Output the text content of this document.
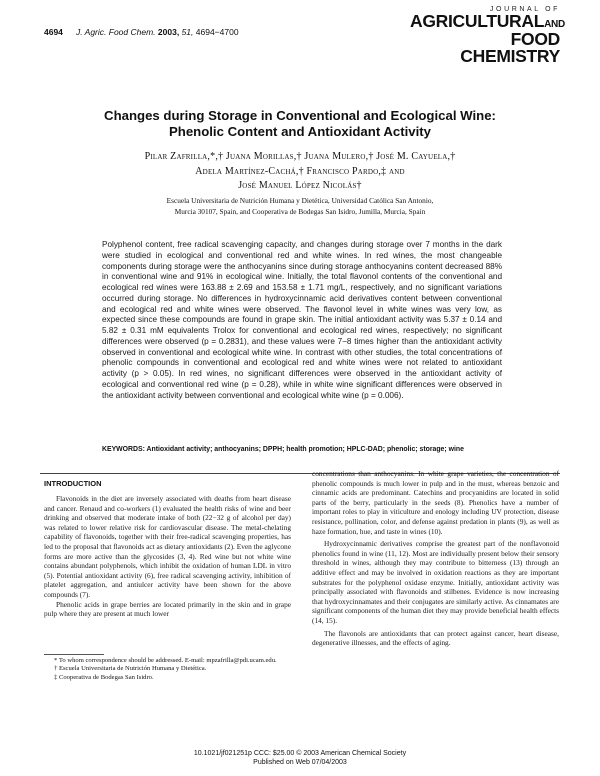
4694 J. Agric. Food Chem. 2003, 51, 4694−4700
JOURNAL OF
AGRICULTURALAND
FOOD CHEMISTRY
Changes during Storage in Conventional and Ecological Wine:
Phenolic Content and Antioxidant Activity
Pilar Zafrilla,*,† Juana Morillas,† Juana Mulero,† José M. Cayuela,†
Adela Martínez-Cachá,† Francisco Pardo,‡ and
José Manuel López Nicolás†
Escuela Universitaria de Nutrición Humana y Dietética, Universidad Católica San Antonio,
Murcia 30107, Spain, and Cooperativa de Bodegas San Isidro, Jumilla, Murcia, Spain
Polyphenol content, free radical scavenging capacity, and changes during storage over 7 months in the dark were studied in ecological and conventional red and white wines. In red wines, the most changeable components during storage were the anthocyanins since during storage anthocyanins content decreased 88% in conventional wine and 91% in ecological wine. Initially, the total flavonol contents of the conventional and ecological red wines were 163.88 ± 2.69 and 153.58 ± 1.71 mg/L, respectively, and no significant variations occurred during storage. No differences in hydroxycinnamic acid derivatives content between conventional and ecological red and white wines were observed. The flavonol level in white wines was very low, as expected since these compounds are found in grape skin. The initial antioxidant activity was 5.37 ± 0.14 and 5.82 ± 0.31 mM equivalents Trolox for conventional and ecological red wines, respectively; no significant differences were observed (p = 0.2831), and these values were 7−8 times higher than the antioxidant activity observed in conventional and ecological white wine. In contrast with other studies, the total concentrations of phenolic compounds in conventional and ecological red and white wines were not related to antioxidant activity (p > 0.05). In red wines, no significant differences were observed in the antioxidant activity of ecological and conventional red wine (p = 0.28), while in white wine significant differences were observed in the antioxidant activity between conventional and ecological white wine (p = 0.006).
KEYWORDS: Antioxidant activity; anthocyanins; DPPH; health promotion; HPLC-DAD; phenolic; storage; wine
INTRODUCTION

Flavonoids in the diet are inversely associated with deaths from heart disease and cancer. Renaud and co-workers (1) evaluated the health risks of wine and beer drinking and observed that moderate intake of both (22−32 g of alcohol per day) was related to lower relative risk for cardiovascular disease. The metal-chelating capability of flavonoids, together with their free-radical scavenging properties, has led to the proposal that flavonoids act as dietary antioxidants (2). Even the aglycone forms are more active than the glycosides (3, 4). Red wine but not white wine contains abundant polyphenols, which inhibit the oxidation of human LDL in vitro (5). Potential antioxidant activity (6), free radical scavenging activity, inhibition of platelet aggregation, and antiulcer activity have been shown for the above compounds (7).

Phenolic acids in grape berries are located primarily in the skin and in grape pulp where they are present at much lower

concentrations than anthocyanins. In white grape varieties, the concentration of phenolic compounds is much lower in pulp and in the must, whereas benzoic and cinnamic acids are predominant. Catechins and procyanidins are located in solid parts of the berry, particularly in the seeds (8). Phenolics have a number of important roles to play in viticulture and enology including UV protection, disease resistance, pollination, color, and defense against predation in plants (9), as well as haze formation, hue, and taste in wines (10).

Hydroxycinnamic derivatives comprise the greatest part of the nonflavonoid phenolics found in wine (11, 12). Most are individually present below their sensory threshold in wines, although they may contribute to bitterness (13) through an additive effect and may be involved in oxidation reactions as they are important substrates for the polyphenol oxidase enzyme. Initially, antioxidant activity was principally associated with flavonoids and stilbenes. Evidence is now increasing that hydroxycinnamates and their conjugates are similarly active. As cinnamates are significant components of the human diet they may provide beneficial health effects (14, 15).

The flavonols are antioxidants that can protect against cancer, heart disease, degenerative illnesses, and the effects of aging.

* To whom correspondence should be addressed. E-mail: mpzafrilla@pdi.ucam.edu.
† Escuela Universitaria de Nutrición Humana y Dietética.
‡ Cooperativa de Bodegas San Isidro.
10.1021/jf021251p CCC: $25.00 © 2003 American Chemical Society
Published on Web 07/04/2003
